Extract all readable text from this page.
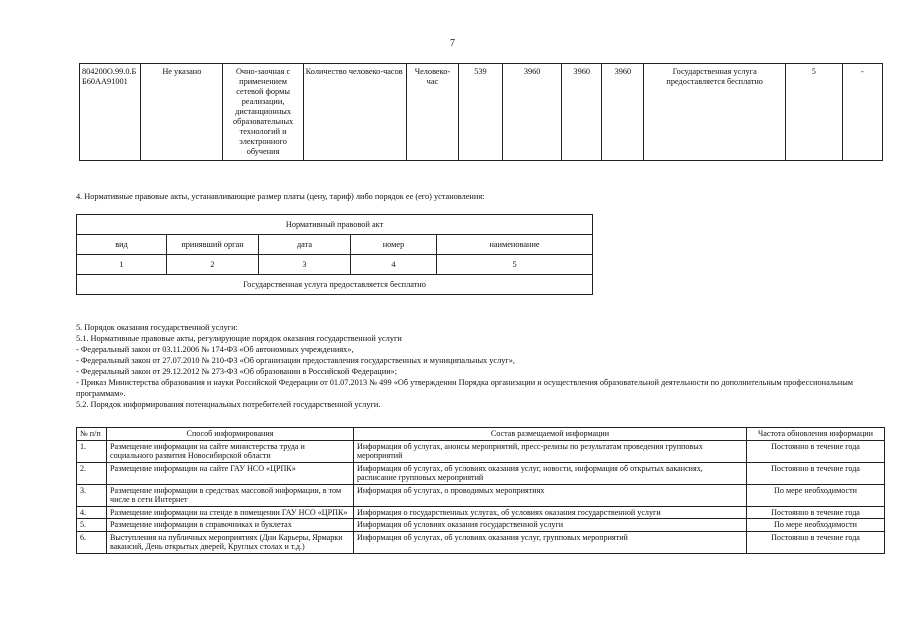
7
804200О.99.0.ББ60АА91001	Не указано	Очно-заочная с применением сетевой формы реализации, дистанционных образовательных технологий и электронного обучения	Количество человеко-часов	Человеко-час	539	3960	3960	3960	Государственная услуга предоставляется бесплатно	5	-
4. Нормативные правовые акты, устанавливающие размер платы (цену, тариф) либо порядок ее (его) установления:
Нормативный правовой акт				
вид	принявший орган	дата	номер	наименование
1	2	3	4	5
Государственная услуга предоставляется бесплатно				
5. Порядок оказания государственной услуги:
5.1. Нормативные правовые акты, регулирующие порядок оказания государственной услуги
- Федеральный закон от 03.11.2006 № 174-ФЗ «Об автономных учреждениях»,
- Федеральный закон от 27.07.2010 № 210-ФЗ «Об организации предоставления государственных и муниципальных услуг»,
- Федеральный закон от 29.12.2012 № 273-ФЗ «Об образовании в Российской Федерации»;
- Приказ Министерства образования и науки Российской Федерации от 01.07.2013 № 499 «Об утверждении Порядка организации и осуществления образовательной деятельности по дополнительным профессиональным программам».
5.2. Порядок информирования потенциальных потребителей государственной услуги.
№ п/п	Способ информирования	Состав размещаемой информации	Частота обновления информации
1.	Размещение информации на сайте министерства труда и социального развития Новосибирской области	Информация об услугах, анонсы мероприятий, пресс-релизы по результатам проведения групповых мероприятий	Постоянно в течение года
2.	Размещение информации на сайте ГАУ НСО «ЦРПК»	Информация об услугах, об условиях оказания услуг, новости, информация об открытых вакансиях, расписание групповых мероприятий	Постоянно в течение года
3.	Размещение информации в средствах массовой информации, в том числе в сети Интернет	Информация об услугах, о проводимых мероприятиях	По мере необходимости
4.	Размещение информации на стенде в помещении ГАУ НСО «ЦРПК»	Информация о государственных услугах, об условиях оказания государственной услуги	Постоянно в течение года
5.	Размещение информации в справочниках и буклетах	Информация об условиях оказания государственной услуги	По мере необходимости
6.	Выступления на публичных мероприятиях (Дни Карьеры, Ярмарки вакансий, День открытых дверей, Круглых столах и т.д.)	Информация об услугах, об условиях оказания услуг, групповых мероприятий	Постоянно в течение года
